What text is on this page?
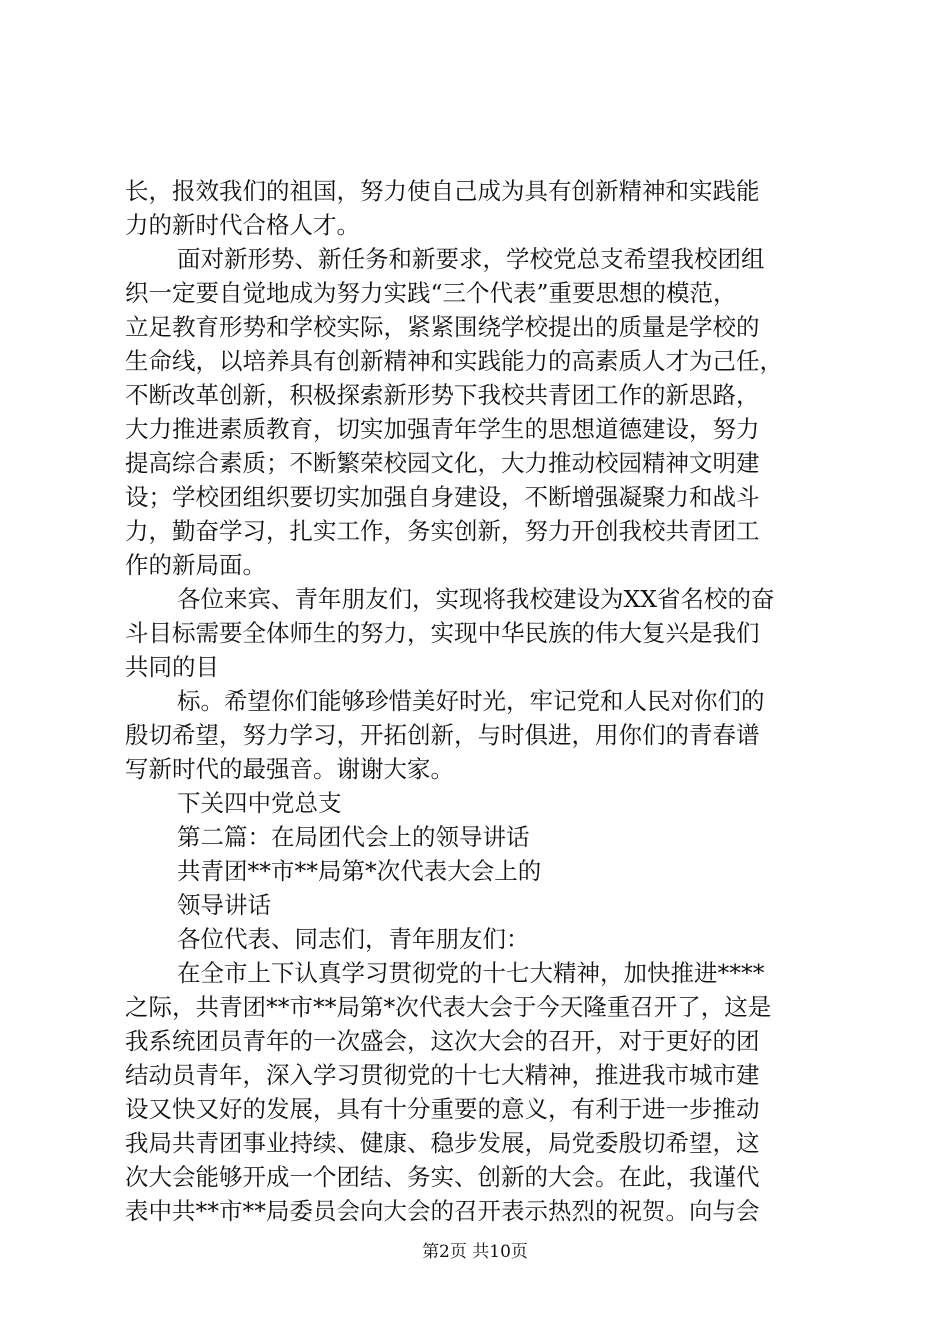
长，报效我们的祖国，努力使自己成为具有创新精神和实践能
力的新时代合格人才。
面对新形势、新任务和新要求，学校党总支希望我校团组
织一定要自觉地成为努力实践“三个代表”重要思想的模范，
立足教育形势和学校实际，紧紧围绕学校提出的质量是学校的
生命线，以培养具有创新精神和实践能力的高素质人才为己任，
不断改革创新，积极探索新形势下我校共青团工作的新思路，
大力推进素质教育，切实加强青年学生的思想道德建设，努力
提高综合素质；不断繁荣校园文化，大力推动校园精神文明建
设；学校团组织要切实加强自身建设，不断增强凝聚力和战斗
力，勤奋学习，扎实工作，务实创新，努力开创我校共青团工
作的新局面。
各位来宾、青年朋友们，实现将我校建设为XX省名校的奋
斗目标需要全体师生的努力，实现中华民族的伟大复兴是我们
共同的目
标。希望你们能够珍惜美好时光，牢记党和人民对你们的
殷切希望，努力学习，开拓创新，与时俱进，用你们的青春谱
写新时代的最强音。谢谢大家。
下关四中党总支
第二篇：在局团代会上的领导讲话
共青团**市**局第*次代表大会上的
领导讲话
各位代表、同志们，青年朋友们：
在全市上下认真学习贯彻党的十七大精神，加快推进****
之际，共青团**市**局第*次代表大会于今天隆重召开了，这是
我系统团员青年的一次盛会，这次大会的召开，对于更好的团
结动员青年，深入学习贯彻党的十七大精神，推进我市城市建
设又快又好的发展，具有十分重要的意义，有利于进一步推动
我局共青团事业持续、健康、稳步发展，局党委殷切希望，这
次大会能够开成一个团结、务实、创新的大会。在此，我谨代
表中共**市**局委员会向大会的召开表示热烈的祝贺。向与会
第2页 共10页
